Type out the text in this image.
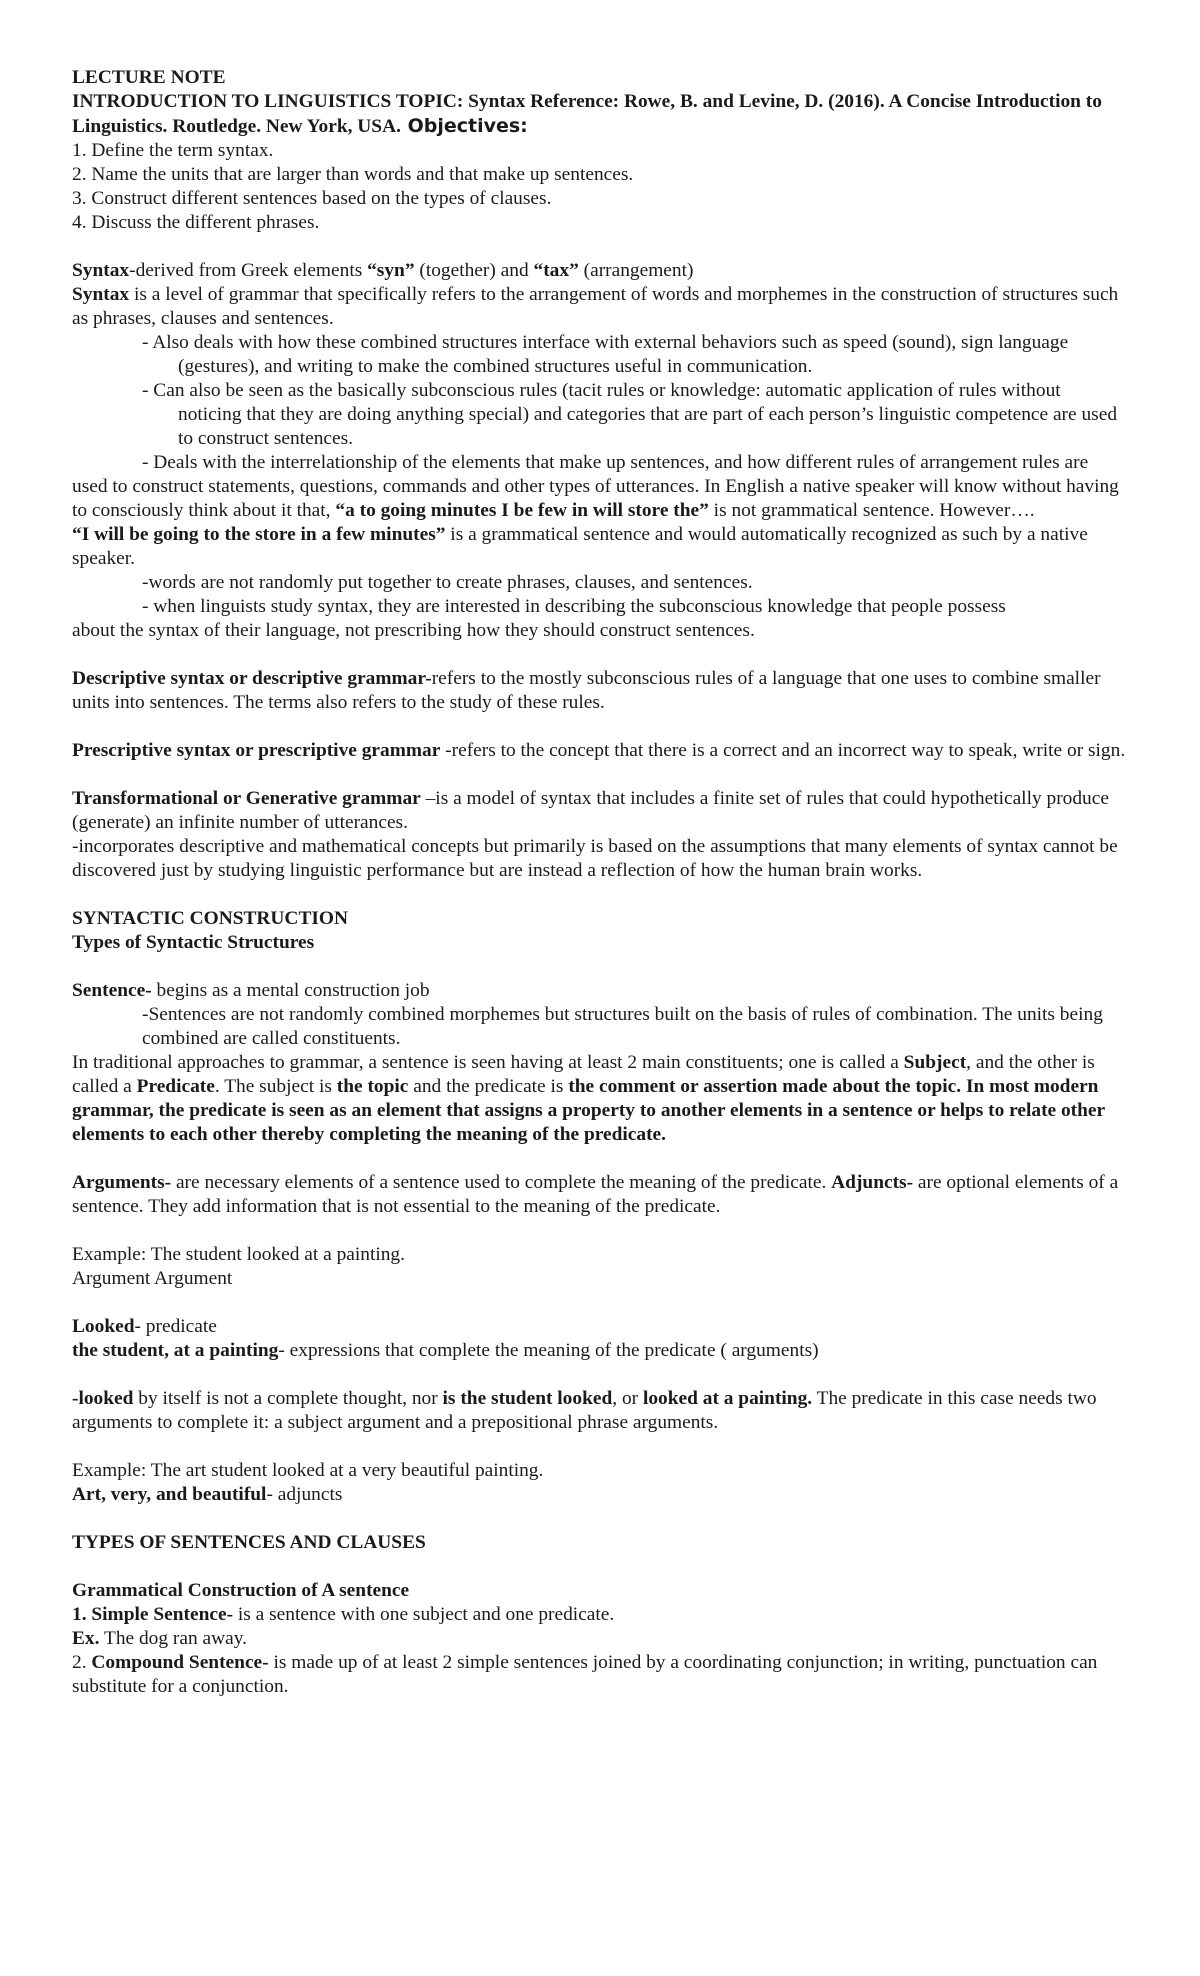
LECTURE NOTE

INTRODUCTION TO LINGUISTICS TOPIC: Syntax Reference: Rowe, B. and Levine, D. (2016). A Concise Introduction to Linguistics. Routledge. New York, USA. Objectives:

1. Define the term syntax.

2. Name the units that are larger than words and that make up sentences.

3. Construct different sentences based on the types of clauses.

4. Discuss the different phrases.

Syntax-derived from Greek elements “syn” (together) and “tax” (arrangement)

Syntax is a level of grammar that specifically refers to the arrangement of words and morphemes in the construction of structures such as phrases, clauses and sentences.

- Also deals with how these combined structures interface with external behaviors such as speed (sound), sign language (gestures), and writing to make the combined structures useful in communication.

- Can also be seen as the basically subconscious rules (tacit rules or knowledge: automatic application of rules without noticing that they are doing anything special) and categories that are part of each person’s linguistic competence are used to construct sentences.

- Deals with the interrelationship of the elements that make up sentences, and how different rules of arrangement rules are used to construct statements, questions, commands and other types of utterances. In English a native speaker will know without having to consciously think about it that, “a to going minutes I be few in will store the” is not grammatical sentence. However….

“I will be going to the store in a few minutes” is a grammatical sentence and would automatically recognized as such by a native speaker.

-words are not randomly put together to create phrases, clauses, and sentences.

- when linguists study syntax, they are interested in describing the subconscious knowledge that people possess

about the syntax of their language, not prescribing how they should construct sentences.

Descriptive syntax or descriptive grammar-refers to the mostly subconscious rules of a language that one uses to combine smaller units into sentences. The terms also refers to the study of these rules.

Prescriptive syntax or prescriptive grammar -refers to the concept that there is a correct and an incorrect way to speak, write or sign.

Transformational or Generative grammar –is a model of syntax that includes a finite set of rules that could hypothetically produce (generate) an infinite number of utterances.

-incorporates descriptive and mathematical concepts but primarily is based on the assumptions that many elements of syntax cannot be discovered just by studying linguistic performance but are instead a reflection of how the human brain works.

SYNTACTIC CONSTRUCTION

Types of Syntactic Structures

Sentence- begins as a mental construction job

-Sentences are not randomly combined morphemes but structures built on the basis of rules of combination. The units being combined are called constituents.

In traditional approaches to grammar, a sentence is seen having at least 2 main constituents; one is called a Subject, and the other is called a Predicate. The subject is the topic and the predicate is the comment or assertion made about the topic. In most modern grammar, the predicate is seen as an element that assigns a property to another elements in a sentence or helps to relate other elements to each other thereby completing the meaning of the predicate.

Arguments- are necessary elements of a sentence used to complete the meaning of the predicate. Adjuncts- are optional elements of a sentence. They add information that is not essential to the meaning of the predicate.

Example: The student looked at a painting.

Argument Argument

Looked- predicate

the student, at a painting- expressions that complete the meaning of the predicate ( arguments)

-looked by itself is not a complete thought, nor is the student looked, or looked at a painting. The predicate in this case needs two arguments to complete it: a subject argument and a prepositional phrase arguments.

Example: The art student looked at a very beautiful painting.

Art, very, and beautiful- adjuncts

TYPES OF SENTENCES AND CLAUSES

Grammatical Construction of A sentence

1. Simple Sentence- is a sentence with one subject and one predicate.

Ex. The dog ran away.

2. Compound Sentence- is made up of at least 2 simple sentences joined by a coordinating conjunction; in writing, punctuation can substitute for a conjunction.
